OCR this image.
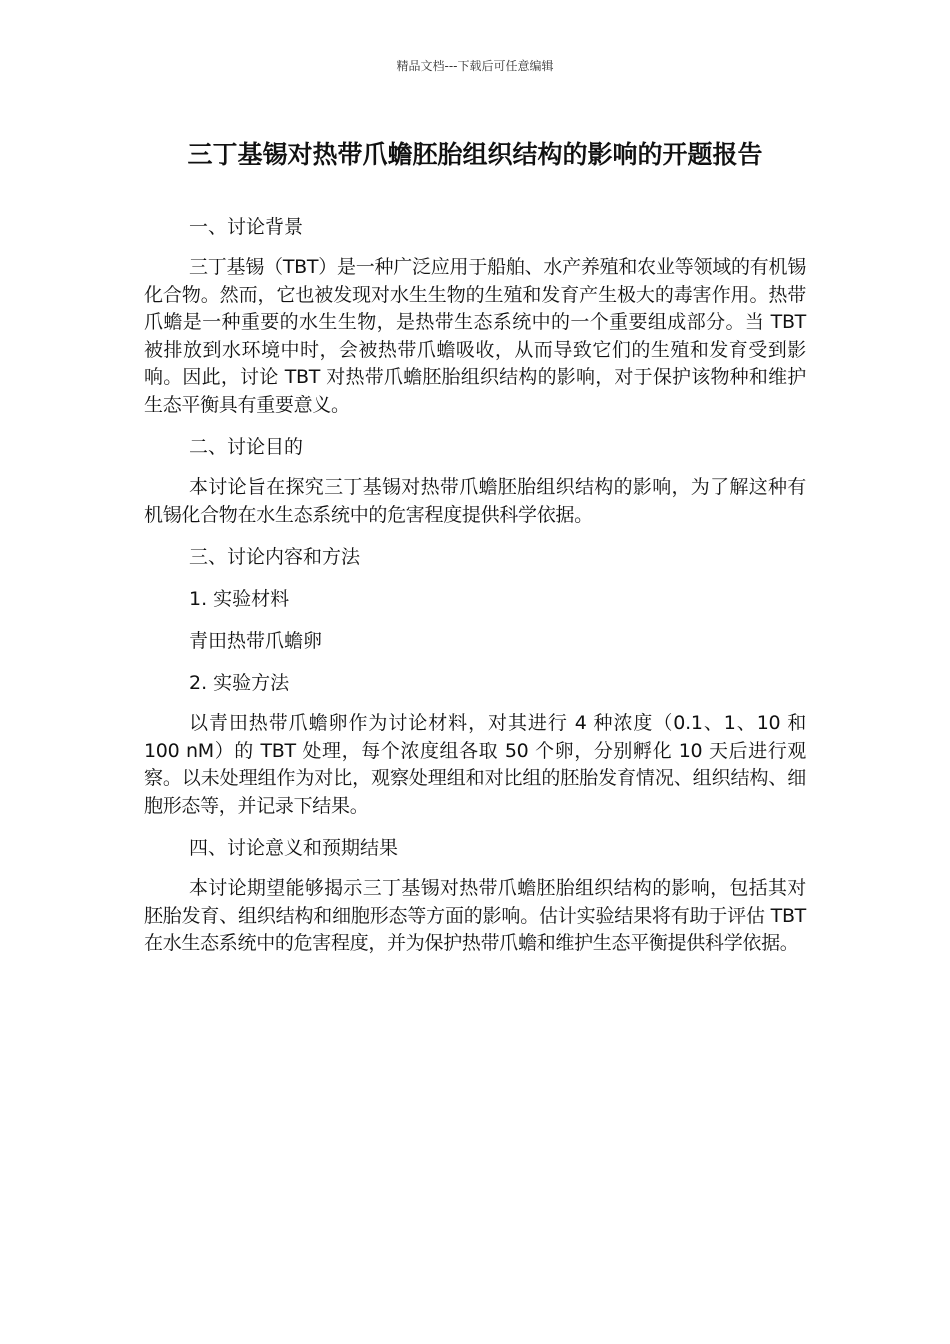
精品文档---下载后可任意编辑
三丁基锡对热带爪蟾胚胎组织结构的影响的开题报告

一、讨论背景

三丁基锡（TBT）是一种广泛应用于船舶、水产养殖和农业等领域的有机锡化合物。然而，它也被发现对水生生物的生殖和发育产生极大的毒害作用。热带爪蟾是一种重要的水生生物，是热带生态系统中的一个重要组成部分。当 TBT 被排放到水环境中时，会被热带爪蟾吸收，从而导致它们的生殖和发育受到影响。因此，讨论 TBT 对热带爪蟾胚胎组织结构的影响，对于保护该物种和维护生态平衡具有重要意义。

二、讨论目的

本讨论旨在探究三丁基锡对热带爪蟾胚胎组织结构的影响，为了解这种有机锡化合物在水生态系统中的危害程度提供科学依据。

三、讨论内容和方法

1. 实验材料

青田热带爪蟾卵

2. 实验方法

以青田热带爪蟾卵作为讨论材料，对其进行 4 种浓度（0.1、1、10 和 100 nM）的 TBT 处理，每个浓度组各取 50 个卵，分别孵化 10 天后进行观察。以未处理组作为对比，观察处理组和对比组的胚胎发育情况、组织结构、细胞形态等，并记录下结果。

四、讨论意义和预期结果

本讨论期望能够揭示三丁基锡对热带爪蟾胚胎组织结构的影响，包括其对胚胎发育、组织结构和细胞形态等方面的影响。估计实验结果将有助于评估 TBT 在水生态系统中的危害程度，并为保护热带爪蟾和维护生态平衡提供科学依据。
